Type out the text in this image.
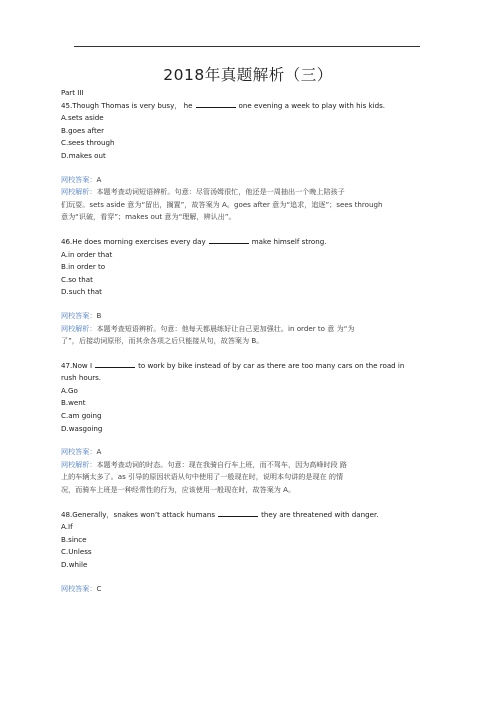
2018年真题解析（三）
Part III
45.Though Thomas is very busy， he	one evening a week to play with his kids.
A.sets aside
B.goes after
C.sees through
D.makes out
网校答案：A
网校解析：本题考查动词短语辨析。句意：尽管汤姆很忙，他还是一周抽出一个晚上陪孩子
们玩耍。sets aside 意为“留出，搁置”，故答案为 A。goes after 意为“追求，追逐”；sees through
意为“识破，看穿”；makes out 意为“理解，辨认出”。
46.He does morning exercises every day	make himself strong.
A.in order that
B.in order to
C.so that
D.such that
网校答案：B
网校解析：本题考查短语辨析。句意：他每天都晨练好让自己更加强壮。in order to 意 为“为
了”，后接动词原形，而其余各项之后只能接从句，故答案为 B。
47.Now I	to work by bike instead of by car as there are too many cars on the road in
rush hours.
A.Go
B.went
C.am going
D.wasgoing
网校答案：A
网校解析：本题考查动词的时态。句意：现在我骑自行车上班，而不驾车，因为高峰时段 路
上的车辆太多了。as 引导的原因状语从句中使用了一般现在时，说明本句讲的是现在 的情
况，而骑车上班是一种经常性的行为，应该使用一般现在时，故答案为 A。
48.Generally，snakes won’t attack humans	they are threatened with danger.
A.If
B.since
C.Unless
D.while
网校答案：C
